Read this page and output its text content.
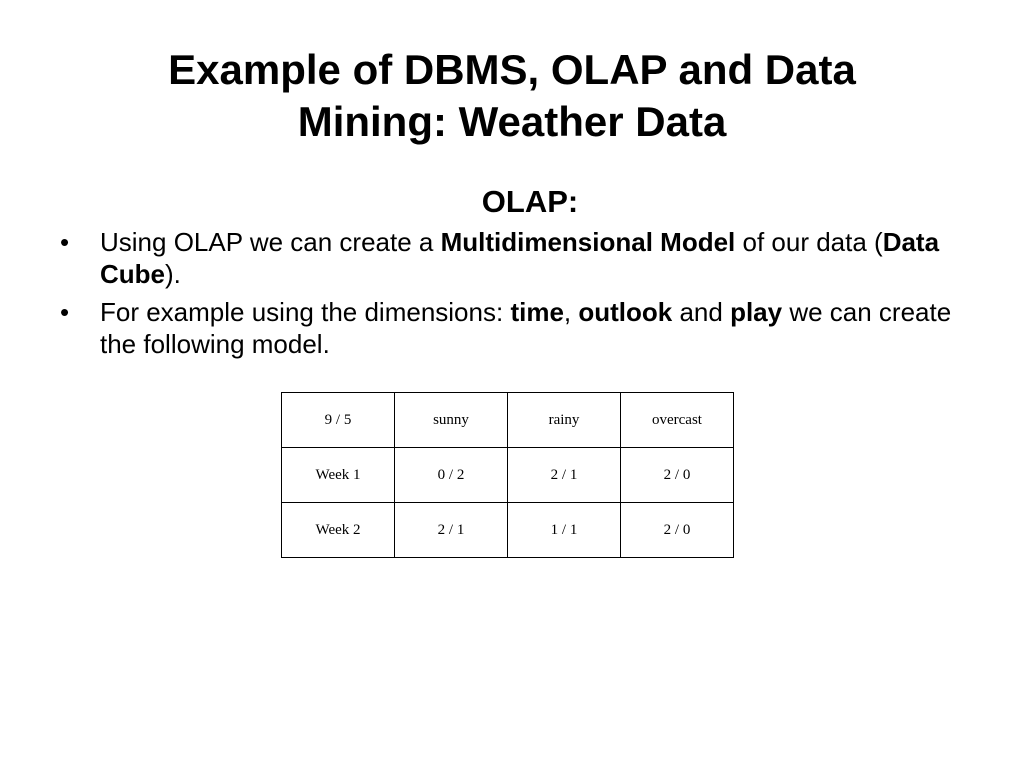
Example of DBMS, OLAP and Data
Mining: Weather Data
OLAP:
• Using OLAP we can create a Multidimensional Model of our data (Data Cube).
• For example using the dimensions: time, outlook and play we can create the following model.
9 / 5	sunny	rainy	overcast
Week 1	0 / 2	2 / 1	2 / 0
Week 2	2 / 1	1 / 1	2 / 0
